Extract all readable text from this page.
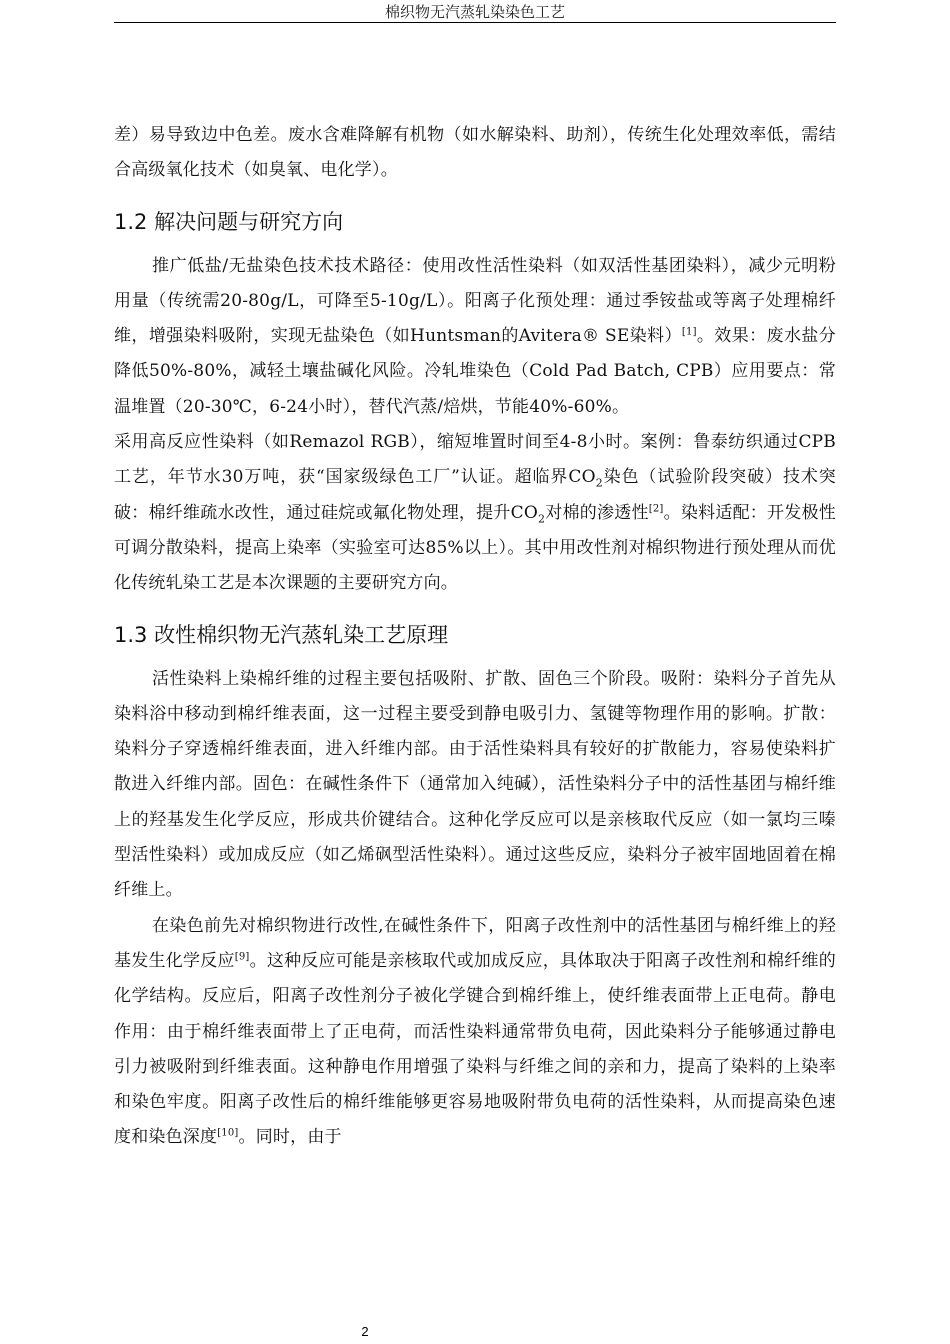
棉织物无汽蒸轧染染色工艺

差）易导致边中色差。废水含难降解有机物（如水解染料、助剂），传统生化处理效率低，需结合高级氧化技术（如臭氧、电化学）。

1.2 解决问题与研究方向

推广低盐/无盐染色技术技术路径：使用改性活性染料（如双活性基团染料），减少元明粉用量（传统需20-80g/L，可降至5-10g/L）。阳离子化预处理：通过季铵盐或等离子处理棉纤维，增强染料吸附，实现无盐染色（如Huntsman的Avitera® SE染料）[1]。效果：废水盐分降低50%-80%，减轻土壤盐碱化风险。冷轧堆染色（Cold Pad Batch, CPB）应用要点：常温堆置（20-30℃，6-24小时），替代汽蒸/焙烘，节能40%-60%。

采用高反应性染料（如Remazol RGB），缩短堆置时间至4-8小时。案例：鲁泰纺织通过CPB工艺，年节水30万吨，获“国家级绿色工厂”认证。超临界$CO_2$染色（试验阶段突破）技术突破：棉纤维疏水改性，通过硅烷或氟化物处理，提升$CO_2$对棉的渗透性[2]。染料适配：开发极性可调分散染料，提高上染率（实验室可达85%以上）。其中用改性剂对棉织物进行预处理从而优化传统轧染工艺是本次课题的主要研究方向。

1.3 改性棉织物无汽蒸轧染工艺原理

活性染料上染棉纤维的过程主要包括吸附、扩散、固色三个阶段。吸附：染料分子首先从染料浴中移动到棉纤维表面，这一过程主要受到静电吸引力、氢键等物理作用的影响。扩散：染料分子穿透棉纤维表面，进入纤维内部。由于活性染料具有较好的扩散能力，容易使染料扩散进入纤维内部。固色：在碱性条件下（通常加入纯碱），活性染料分子中的活性基团与棉纤维上的羟基发生化学反应，形成共价键结合。这种化学反应可以是亲核取代反应（如一氯均三嗪型活性染料）或加成反应（如乙烯砜型活性染料）。通过这些反应，染料分子被牢固地固着在棉纤维上。

在染色前先对棉织物进行改性,在碱性条件下，阳离子改性剂中的活性基团与棉纤维上的羟基发生化学反应[9]。这种反应可能是亲核取代或加成反应，具体取决于阳离子改性剂和棉纤维的化学结构。反应后，阳离子改性剂分子被化学键合到棉纤维上，使纤维表面带上正电荷。静电作用：由于棉纤维表面带上了正电荷，而活性染料通常带负电荷，因此染料分子能够通过静电引力被吸附到纤维表面。这种静电作用增强了染料与纤维之间的亲和力，提高了染料的上染率和染色牢度。阳离子改性后的棉纤维能够更容易地吸附带负电荷的活性染料，从而提高染色速度和染色深度[10]。同时，由于

2
